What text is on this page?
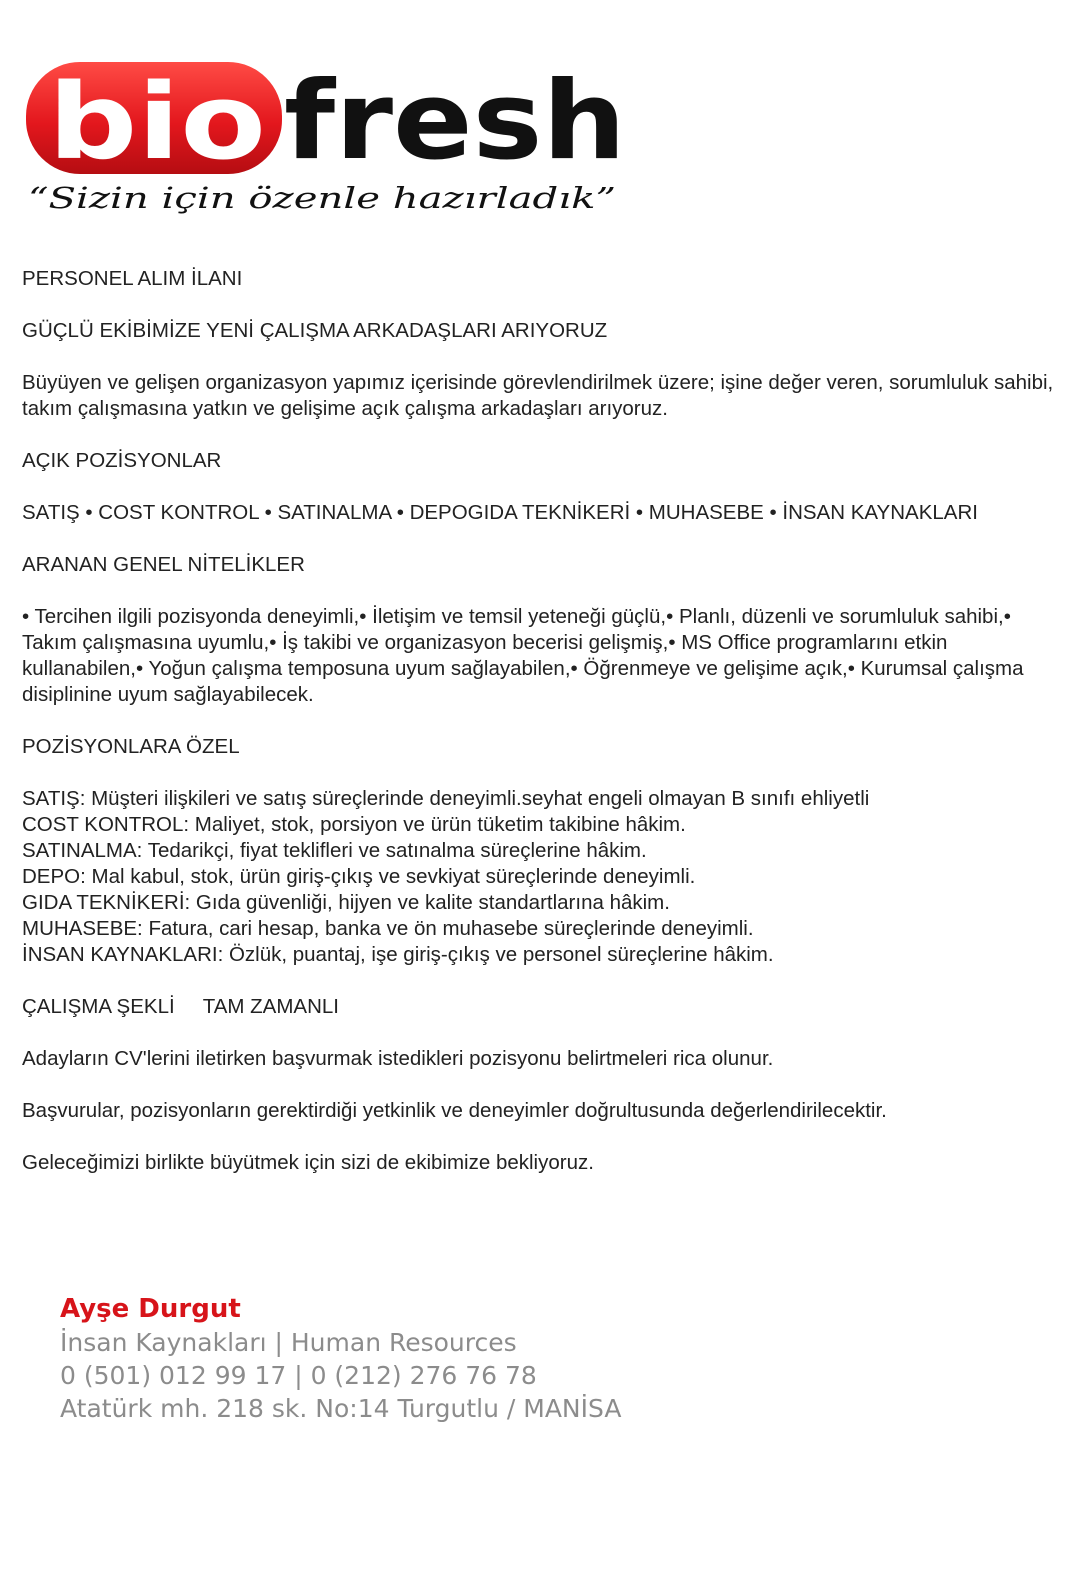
bio fresh
“Sizin için özenle hazırladık”
PERSONEL ALIM İLANI
GÜÇLÜ EKİBİMİZE YENİ ÇALIŞMA ARKADAŞLARI ARIYORUZ
Büyüyen ve gelişen organizasyon yapımız içerisinde görevlendirilmek üzere; işine değer veren, sorumluluk sahibi, takım çalışmasına yatkın ve gelişime açık çalışma arkadaşları arıyoruz.
AÇIK POZİSYONLAR
SATIŞ • COST KONTROL • SATINALMA • DEPOGIDA TEKNİKERİ • MUHASEBE • İNSAN KAYNAKLARI
ARANAN GENEL NİTELİKLER
• Tercihen ilgili pozisyonda deneyimli,• İletişim ve temsil yeteneği güçlü,• Planlı, düzenli ve sorumluluk sahibi,• Takım çalışmasına uyumlu,• İş takibi ve organizasyon becerisi gelişmiş,• MS Office programlarını etkin kullanabilen,• Yoğun çalışma temposuna uyum sağlayabilen,• Öğrenmeye ve gelişime açık,• Kurumsal çalışma disiplinine uyum sağlayabilecek.
POZİSYONLARA ÖZEL
SATIŞ: Müşteri ilişkileri ve satış süreçlerinde deneyimli.seyhat engeli olmayan B sınıfı ehliyetli
COST KONTROL: Maliyet, stok, porsiyon ve ürün tüketim takibine hâkim.
SATINALMA: Tedarikçi, fiyat teklifleri ve satınalma süreçlerine hâkim.
DEPO: Mal kabul, stok, ürün giriş-çıkış ve sevkiyat süreçlerinde deneyimli.
GIDA TEKNİKERİ: Gıda güvenliği, hijyen ve kalite standartlarına hâkim.
MUHASEBE: Fatura, cari hesap, banka ve ön muhasebe süreçlerinde deneyimli.
İNSAN KAYNAKLARI: Özlük, puantaj, işe giriş-çıkış ve personel süreçlerine hâkim.
ÇALIŞMA ŞEKLİ TAM ZAMANLI
Adayların CV'lerini iletirken başvurmak istedikleri pozisyonu belirtmeleri rica olunur.
Başvurular, pozisyonların gerektirdiği yetkinlik ve deneyimler doğrultusunda değerlendirilecektir.
Geleceğimizi birlikte büyütmek için sizi de ekibimize bekliyoruz.
Ayşe Durgut
İnsan Kaynakları | Human Resources
0 (501) 012 99 17 | 0 (212) 276 76 78
Atatürk mh. 218 sk. No:14 Turgutlu / MANİSA
